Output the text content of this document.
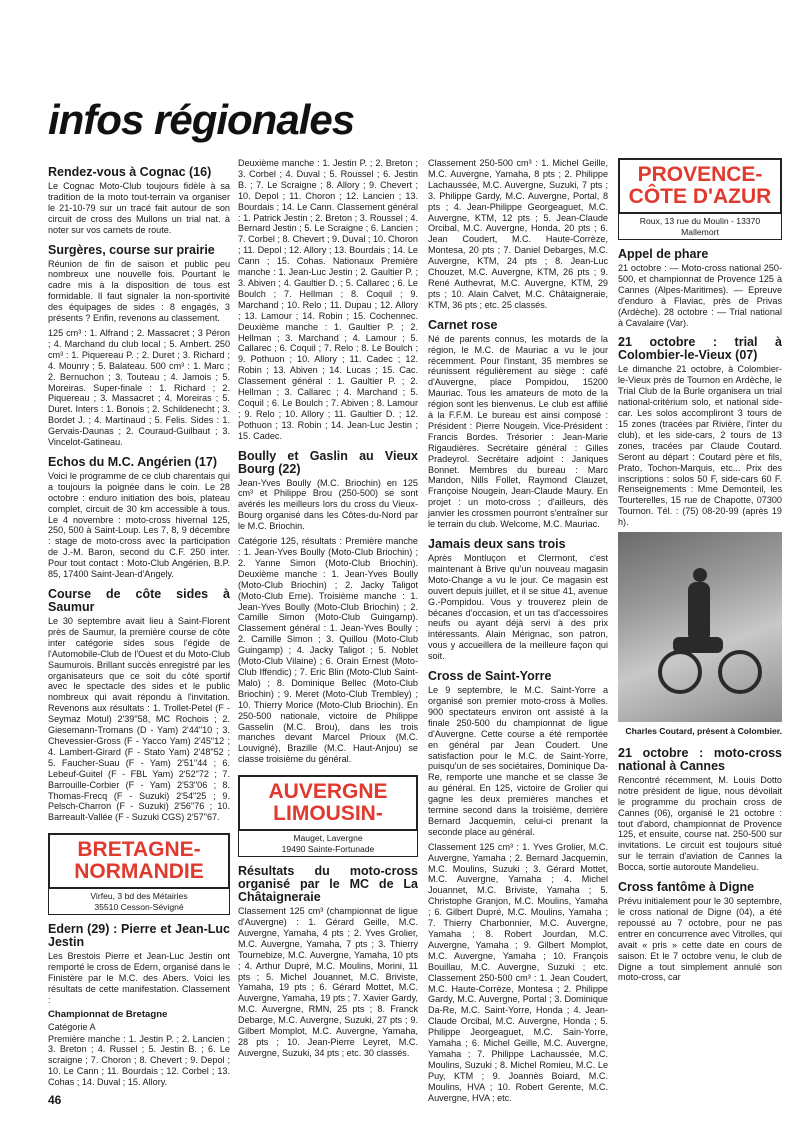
infos régionales
Rendez-vous à Cognac (16)

Le Cognac Moto-Club toujours fidèle à sa tradition de la moto tout-terrain va organiser le 21-10-79 sur un tracé fait autour de son circuit de cross des Mullons un trial nat. à noter sur vos carnets de route.

Surgères, course sur prairie

Réunion de fin de saison et public peu nombreux une nouvelle fois. Pourtant le cadre mis à la disposition de tous est formidable. Il faut signaler la non-sportivité des équipages de sides : 8 engagés, 3 présents ? Enfin, revenons au classement.

125 cm³ : 1. Alfrand ; 2. Massacret ; 3 Péron ; 4. Marchand du club local ; 5. Ambert. 250 cm³ : 1. Piquereau P. ; 2. Duret ; 3. Richard ; 4. Mounry ; 5. Balateau. 500 cm³ : 1. Marc ; 2. Bernuchon ; 3. Touteau ; 4. Jamois ; 5. Moreiras. Super-finale : 1. Richard ; 2. Piquereau ; 3. Massacret ; 4. Moreiras ; 5. Duret. Inters : 1. Bonois ; 2. Schildenecht ; 3. Bordet J. ; 4. Martinaud ; 5. Felis. Sides : 1. Gervais-Daunas ; 2. Couraud-Guilbaut ; 3. Vincelot-Gatineau.

Echos du M.C. Angérien (17)

Voici le programme de ce club charentais qui a toujours la poignée dans le coin. Le 28 octobre : enduro initiation des bois, plateau complet, circuit de 30 km accessible à tous. Le 4 novembre : moto-cross hivernal 125, 250, 500 à Saint-Loup. Les 7, 8, 9 décembre : stage de moto-cross avec la participation de J.-M. Baron, second du C.F. 250 inter. Pour tout contact : Moto-Club Angérien, B.P. 85, 17400 Saint-Jean-d'Angely.

Course de côte sides à Saumur

Le 30 septembre avait lieu à Saint-Florent près de Saumur, la première course de côte inter catégorie sides sous l'égide de l'Automobile-Club de l'Ouest et du Moto-Club Saumurois. Brillant succès enregistré par les organisateurs que ce soit du côté sportif avec le spectacle des sides et le public nombreux qui avait répondu à l'invitation. Revenons aux résultats : 1. Trollet-Petel (F - Seymaz Motul) 2'39"58, MC Rochois ; 2. Giesemann-Tromans (D - Yam) 2'44"10 ; 3. Chevessier-Gross (F - Yacco Yam) 2'45"12 ; 4. Lambert-Girard (F - Stato Yam) 2'48"52 ; 5. Faucher-Suau (F - Yam) 2'51"44 ; 6. Lebeuf-Guitel (F - FBL Yam) 2'52"72 ; 7. Barrouille-Corbier (F - Yam) 2'53"06 ; 8. Thomas-Frecq (F - Suzuki) 2'54"25 ; 9. Pelsch-Charron (F - Suzuki) 2'56"76 ; 10. Barreault-Vallée (F - Suzuki CGS) 2'57"67.

BRETAGNE-
NORMANDIE
Virfeu, 3 bd des Métairies
35510 Cesson-Sévigné
Edern (29) : Pierre et Jean-Luc Jestin

Les Brestois Pierre et Jean-Luc Jestin ont remporté le cross de Edern, organisé dans le Finistère par le M.C. des Abers. Voici les résultats de cette manifestation. Classement :

Championnat de Bretagne

Catégorie A

Première manche : 1. Jestin P. ; 2. Lancien ; 3. Breton ; 4. Russel ; 5. Jestin B. ; 6. Le scraigne ; 7. Choron ; 8. Chevert ; 9. Depol ; 10. Le Cann ; 11. Bourdais ; 12. Corbel ; 13. Cohas ; 14. Duval ; 15. Allory.

Deuxième manche : 1. Jestin P. ; 2. Breton ; 3. Corbel ; 4. Duval ; 5. Roussel ; 6. Jestin B. ; 7. Le Scraigne ; 8. Allory ; 9. Chevert ; 10. Depol ; 11. Choron ; 12. Lancien ; 13. Bourdais ; 14. Le Cann. Classement général : 1. Patrick Jestin ; 2. Breton ; 3. Roussel ; 4. Bernard Jestin ; 5. Le Scraigne ; 6. Lancien ; 7. Corbel ; 8. Chevert ; 9. Duval ; 10. Choron ; 11. Depol ; 12. Allory ; 13. Bourdais ; 14. Le Cann ; 15. Cohas. Nationaux Première manche : 1. Jean-Luc Jestin ; 2. Gaultier P. ; 3. Abiven ; 4. Gaultier D. ; 5. Callarec ; 6. Le Boulch ; 7. Hellman ; 8. Coquil ; 9. Marchand ; 10. Relo ; 11. Dupau ; 12. Allory ; 13. Lamour ; 14. Robin ; 15. Cochennec. Deuxième manche : 1. Gaultier P. ; 2. Hellman ; 3. Marchand ; 4. Lamour ; 5. Callarec ; 6. Coquil ; 7. Relo ; 8. Le Boulch ; 9. Pothuon ; 10. Allory ; 11. Cadec ; 12. Robin ; 13. Abiven ; 14. Lucas ; 15. Cac. Classement général : 1. Gaultier P. ; 2. Hellman ; 3. Callarec ; 4. Marchand ; 5. Coquil ; 6. Le Boulch ; 7. Abiven ; 8. Lamour ; 9. Relo ; 10. Allory ; 11. Gaultier D. ; 12. Pothuon ; 13. Robin ; 14. Jean-Luc Jestin ; 15. Cadec.

Boully et Gaslin au Vieux Bourg (22)

Jean-Yves Boully (M.C. Briochin) en 125 cm³ et Philippe Brou (250-500) se sont avérés les meilleurs lors du cross du Vieux-Bourg organisé dans les Côtes-du-Nord par le M.C. Briochin.

Catégorie 125, résultats : Première manche : 1. Jean-Yves Boully (Moto-Club Briochin) ; 2. Yanne Simon (Moto-Club Briochin). Deuxième manche : 1. Jean-Yves Boully (Moto-Club Briochin) ; 2. Jacky Taligot (Moto-Club Erne). Troisième manche : 1. Jean-Yves Boully (Moto-Club Briochin) ; 2. Camille Simon (Moto-Club Guingamp). Classement général : 1. Jean-Yves Boully ; 2. Camille Simon ; 3. Quillou (Moto-Club Guingamp) ; 4. Jacky Taligot ; 5. Noblet (Moto-Club Vilaine) ; 6. Orain Ernest (Moto-Club Iffendic) ; 7. Eric Blin (Moto-Club Saint-Malo) ; 8. Dominique Bellec (Moto-Club Briochin) ; 9. Meret (Moto-Club Trembley) ; 10. Thierry Morice (Moto-Club Briochin). En 250-500 nationale, victoire de Philippe Gasselin (M.C. Brou), dans les trois manches devant Marcel Prioux (M.C. Louvigné), Brazille (M.C. Haut-Anjou) se classe troisième du général.

AUVERGNE
LIMOUSIN-
Mauget, Lavergne
19490 Sainte-Fortunade
Résultats du moto-cross organisé par le MC de La Châtaigneraie

Classement 125 cm³ (championnat de ligue d'Auvergne) : 1. Gérard Geille, M.C. Auvergne, Yamaha, 4 pts ; 2. Yves Grolier, M.C. Auvergne, Yamaha, 7 pts ; 3. Thierry Tournebize, M.C. Auvergne, Yamaha, 10 pts ; 4. Arthur Dupré, M.C. Moulins, Morini, 11 pts ; 5. Michel Jouannet, M.C. Briviste, Yamaha, 19 pts ; 6. Gérard Mottet, M.C. Auvergne, Yamaha, 19 pts ; 7. Xavier Gardy, M.C. Auvergne, RMN, 25 pts ; 8. Franck Debarge, M.C. Auvergne, Suzuki, 27 pts ; 9. Gilbert Momplot, M.C. Auvergne, Yamaha, 28 pts ; 10. Jean-Pierre Leyret, M.C. Auvergne, Suzuki, 34 pts ; etc. 30 classés.

Classement 250-500 cm³ : 1. Michel Geille, M.C. Auvergne, Yamaha, 8 pts ; 2. Philippe Lachaussée, M.C. Auvergne, Suzuki, 7 pts ; 3. Philippe Gardy, M.C. Auvergne, Portal, 8 pts ; 4. Jean-Philippe Georgeaguet, M.C. Auvergne, KTM, 12 pts ; 5. Jean-Claude Orcibal, M.C. Auvergne, Honda, 20 pts ; 6. Jean Coudert, M.C. Haute-Corrèze, Montesa, 20 pts ; 7. Daniel Debarges, M.C. Auvergne, KTM, 24 pts ; 8. Jean-Luc Chouzet, M.C. Auvergne, KTM, 26 pts ; 9. René Authevrat, M.C. Auvergne, KTM, 29 pts ; 10. Alain Calvet, M.C. Châtaigneraie, KTM, 36 pts ; etc. 25 classés.

Carnet rose

Né de parents connus, les motards de la région, le M.C. de Mauriac a vu le jour récemment. Pour l'instant, 35 membres se réunissent régulièrement au siège : café d'Auvergne, place Pompidou, 15200 Mauriac. Tous les amateurs de moto de la région sont les bienvenus. Le club est affilié à la F.F.M. Le bureau est ainsi composé : Président : Pierre Nougein. Vice-Président : Francis Bordes. Trésorier : Jean-Marie Rigaudières. Secrétaire général : Gilles Pradeyrol. Secrétaire adjoint : Janiques Bonnet. Membres du bureau : Marc Mandon, Nills Follet, Raymond Clauzet, Françoise Nougein, Jean-Claude Maury. En projet : un moto-cross ; d'ailleurs, dès janvier les crossmen pourront s'entraîner sur le terrain du club. Welcome, M.C. Mauriac.

Jamais deux sans trois

Après Montluçon et Clermont, c'est maintenant à Brive qu'un nouveau magasin Moto-Change a vu le jour. Ce magasin est ouvert depuis juillet, et il se situe 41, avenue G.-Pompidou. Vous y trouverez plein de bécanes d'occasion, et un tas d'accessoires neufs ou ayant déjà servi à des prix intéressants. Alain Mérignac, son patron, vous y accueillera de la meilleure façon qui soit.

Cross de Saint-Yorre

Le 9 septembre, le M.C. Saint-Yorre a organisé son premier moto-cross à Molles. 900 spectateurs environ ont assisté à la finale 250-500 du championnat de ligue d'Auvergne. Cette course a été remportée en général par Jean Coudert. Une satisfaction pour le M.C. de Saint-Yorre, puisqu'un de ses sociétaires, Dominique Da-Re, remporte une manche et se classe 3e au général. En 125, victoire de Grolier qui gagne les deux premières manches et termine second dans la troisième, derrière Bernard Jacquemin, celui-ci prenant la seconde place au général.

Classement 125 cm³ : 1. Yves Grolier, M.C. Auvergne, Yamaha ; 2. Bernard Jacquemin, M.C. Moulins, Suzuki ; 3. Gérard Mottet, M.C. Auvergne, Yamaha ; 4. Michel Jouannet, M.C. Briviste, Yamaha ; 5. Christophe Granjon, M.C. Moulins, Yamaha ; 6. Gilbert Dupré, M.C. Moulins, Yamaha ; 7. Thierry Charbonnier, M.C. Auvergne, Yamaha ; 8. Robert Jourdan, M.C. Auvergne, Yamaha ; 9. Gilbert Momplot, M.C. Auvergne, Yamaha ; 10. François Bouillau, M.C. Auvergne, Suzuki ; etc. Classement 250-500 cm³ : 1. Jean Coudert, M.C. Haute-Corrèze, Montesa ; 2. Philippe Gardy, M.C. Auvergne, Portal ; 3. Dominique Da-Re, M.C. Saint-Yorre, Honda ; 4. Jean-Claude Orcibal, M.C. Auvergne, Honda ; 5. Philippe Jeorgeaguet, M.C. Sain-Yorre, Yamaha ; 6. Michel Geille, M.C. Auvergne, Yamaha ; 7. Philippe Lachaussée, M.C. Moulins, Suzuki ; 8. Michel Romieu, M.C. Le Puy, KTM ; 9. Joannès Boiard, M.C. Moulins, HVA ; 10. Robert Gerente, M.C. Auvergne, HVA ; etc.

PROVENCE-
CÔTE D'AZUR
Roux, 13 rue du Moulin - 13370 Mallemort
Appel de phare

21 octobre : — Moto-cross national 250-500, et championnat de Provence 125 à Cannes (Alpes-Maritimes). — Epreuve d'enduro à Flaviac, près de Privas (Ardèche). 28 octobre : — Trial national à Cavalaire (Var).

21 octobre : trial à Colombier-le-Vieux (07)

Le dimanche 21 octobre, à Colombier-le-Vieux près de Tournon en Ardèche, le Trial Club de la Burle organisera un trial national-critérium solo, et national side-car. Les solos accompliront 3 tours de 15 zones (tracées par Rivière, l'inter du club), et les side-cars, 2 tours de 13 zones, tracées par Claude Coutard. Seront au départ : Coutard père et fils, Prato, Tochon-Marquis, etc... Prix des inscriptions : solos 50 F, side-cars 60 F. Renseignements : Mme Demonteil, les Tourterelles, 15 rue de Chapotte, 07300 Tournon. Tél. : (75) 08-20-99 (après 19 h).

Charles Coutard, présent à Colombier.
21 octobre : moto-cross national à Cannes

Rencontré récemment, M. Louis Dotto notre président de ligue, nous dévoilait le programme du prochain cross de Cannes (06), organisé le 21 octobre : tout d'abord, championnat de Provence 125, et ensuite, course nat. 250-500 sur invitations. Le circuit est toujours situé sur le terrain d'aviation de Cannes la Bocca, sortie autoroute Mandelieu.

Cross fantôme à Digne

Prévu initialement pour le 30 septembre, le cross national de Digne (04), a été repoussé au 7 octobre, pour ne pas entrer en concurrence avec Vitrolles, qui avait « pris » cette date en cours de saison. Et le 7 octobre venu, le club de Digne a tout simplement annulé son moto-cross, car

46
